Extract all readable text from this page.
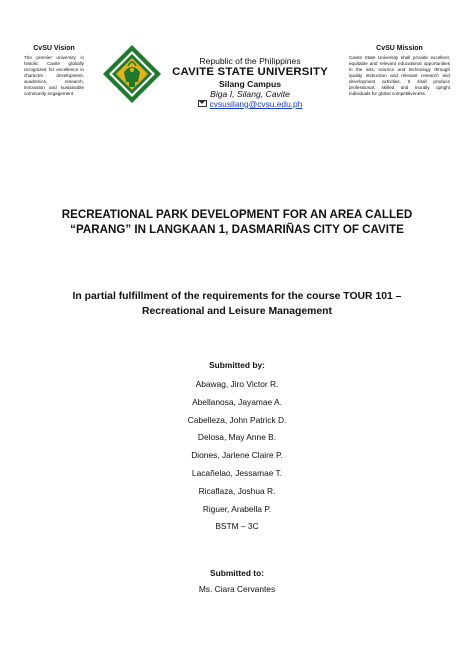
CvSU Vision

The premier university in historic Cavite globally recognized for excellence in character development, academics, research, innovation and sustainable community engagement.

Republic of the Philippines
CAVITE STATE UNIVERSITY
Silang Campus
Biga I, Silang, Cavite
cvsusilang@cvsu.edu.ph
CvSU Mission

Cavite State University shall provide excellent, equitable and relevant educational opportunities in the arts, science and technology through quality instruction and relevant research and development activities. It shall produce professional, skilled and morally upright individuals for global competitiveness.

RECREATIONAL PARK DEVELOPMENT FOR AN AREA CALLED
“PARANG” IN LANGKAAN 1, DASMARIÑAS CITY OF CAVITE
In partial fulfillment of the requirements for the course TOUR 101 –
Recreational and Leisure Management
Submitted by:
Abawag, Jiro Victor R.
Abellanosa, Jayamae A.
Cabelleza, John Patrick D.
Delosa, May Anne B.
Diones, Jarlene Claire P.
Lacañelao, Jessamae T.
Ricaflaza, Joshua R.
Riguer, Arabella P.
BSTM – 3C
Submitted to:
Ms. Ciara Cervantes
